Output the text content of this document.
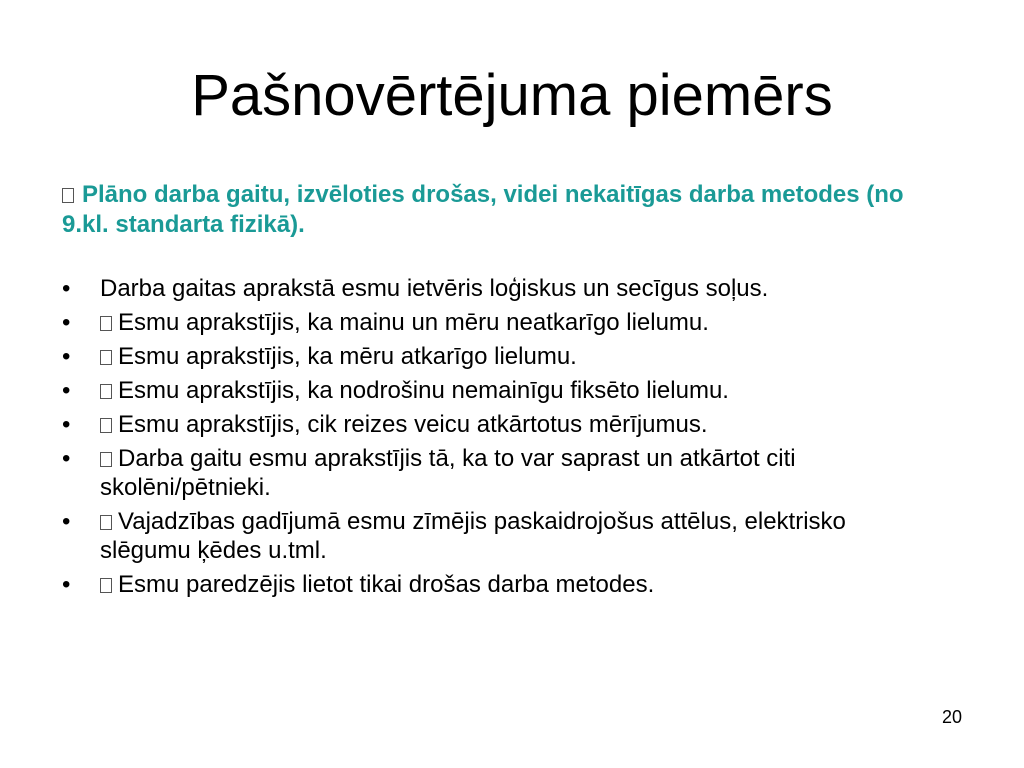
Pašnovērtējuma piemērs
Plāno darba gaitu, izvēloties drošas, videi nekaitīgas darba metodes (no 9.kl. standarta fizikā).
•	Darba gaitas aprakstā esmu ietvēris loģiskus un secīgus soļus.
•	Esmu aprakstījis, ka mainu un mēru neatkarīgo lielumu.
•	Esmu aprakstījis, ka mēru atkarīgo lielumu.
•	Esmu aprakstījis, ka nodrošinu nemainīgu fiksēto lielumu.
•	Esmu aprakstījis, cik reizes veicu atkārtotus mērījumus.
•	Darba gaitu esmu aprakstījis tā, ka to var saprast un atkārtot citi skolēni/pētnieki.
•	Vajadzības gadījumā esmu zīmējis paskaidrojošus attēlus, elektrisko slēgumu ķēdes u.tml.
•	Esmu paredzējis lietot tikai drošas darba metodes.
20
